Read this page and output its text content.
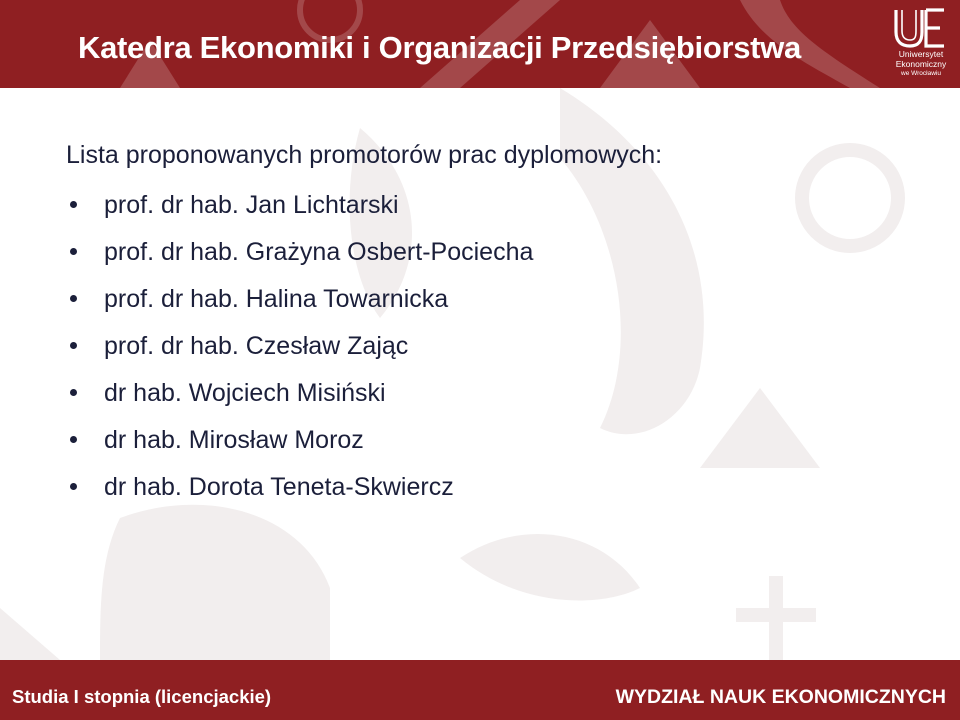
Katedra Ekonomiki i Organizacji Przedsiębiorstwa	Uniwersytet
Ekonomiczny
we Wrocławiu

Lista proponowanych promotorów prac dyplomowych:

prof. dr hab. Jan Lichtarski
prof. dr hab. Grażyna Osbert-Pociecha
prof. dr hab. Halina Towarnicka
prof. dr hab. Czesław Zając
dr hab. Wojciech Misiński
dr hab. Mirosław Moroz
dr hab. Dorota Teneta-Skwiercz
Studia I stopnia (licencjackie)	WYDZIAŁ NAUK EKONOMICZNYCH
